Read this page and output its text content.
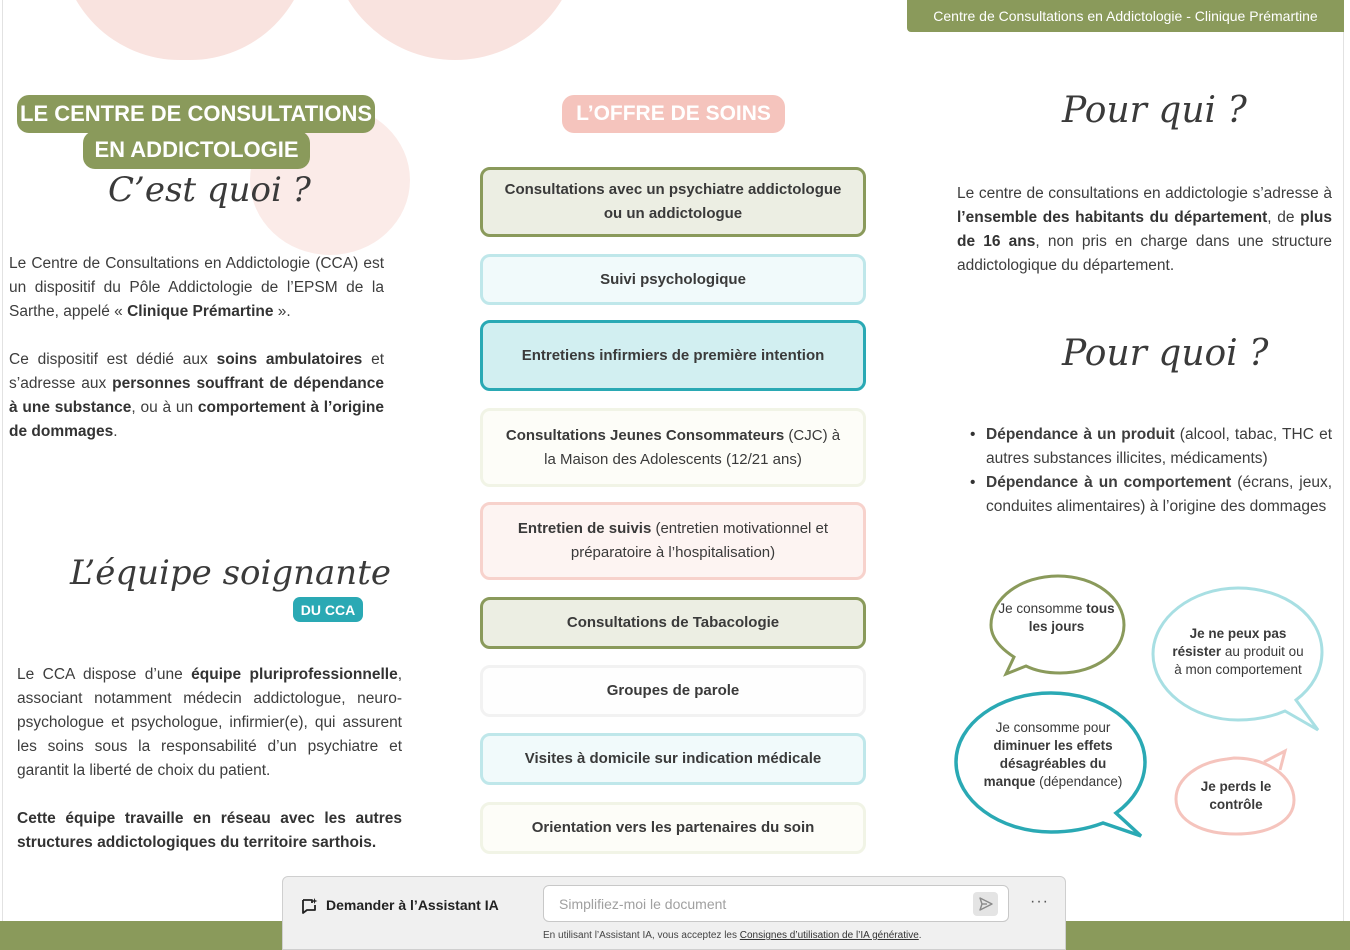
Centre de Consultations en Addictologie - Clinique Prémartine
LE CENTRE DE CONSULTATIONS
EN ADDICTOLOGIE
C’est quoi ?

Le Centre de Consultations en Addictologie (CCA) est un dispositif du Pôle Addictologie de l’EPSM de la Sarthe, appelé « Clinique Prémartine ».

Ce dispositif est dédié aux soins ambulatoires et s’adresse aux personnes souffrant de dépendance à une substance, ou à un comportement à l’origine de dommages.

L’équipe soignante
DU CCA

Le CCA dispose d’une équipe pluriprofessionnelle, associant notamment médecin addictologue, neuro-psychologue et psychologue, infirmier(e), qui assurent les soins sous la responsabilité d’un psychiatre et garantit la liberté de choix du patient.

Cette équipe travaille en réseau avec les autres structures addictologiques du territoire sarthois.

L’OFFRE DE SOINS
Consultations avec un psychiatre addictologue ou un addictologue
Suivi psychologique
Entretiens infirmiers de première intention
Consultations Jeunes Consommateurs (CJC) à la Maison des Adolescents (12/21 ans)
Entretien de suivis (entretien motivationnel et préparatoire à l’hospitalisation)
Consultations de Tabacologie
Groupes de parole
Visites à domicile sur indication médicale
Orientation vers les partenaires du soin
Pour qui ?

Le centre de consultations en addictologie s’adresse à l’ensemble des habitants du département, de plus de 16 ans, non pris en charge dans une structure addictologique du département.

Pour quoi ?
• Dépendance à un produit (alcool, tabac, THC et autres substances illicites, médicaments)
• Dépendance à un comportement (écrans, jeux, conduites alimentaires) à l’origine des dommages
Je consomme tous les jours	Je ne peux pas résister au produit ou à mon comportement
Je consomme pour diminuer les effets désagréables du manque (dépendance)	Je perds le contrôle
Demander à l’Assistant IA
Simplifiez-moi le document	···
En utilisant l’Assistant IA, vous acceptez les Consignes d’utilisation de l’IA générative.
